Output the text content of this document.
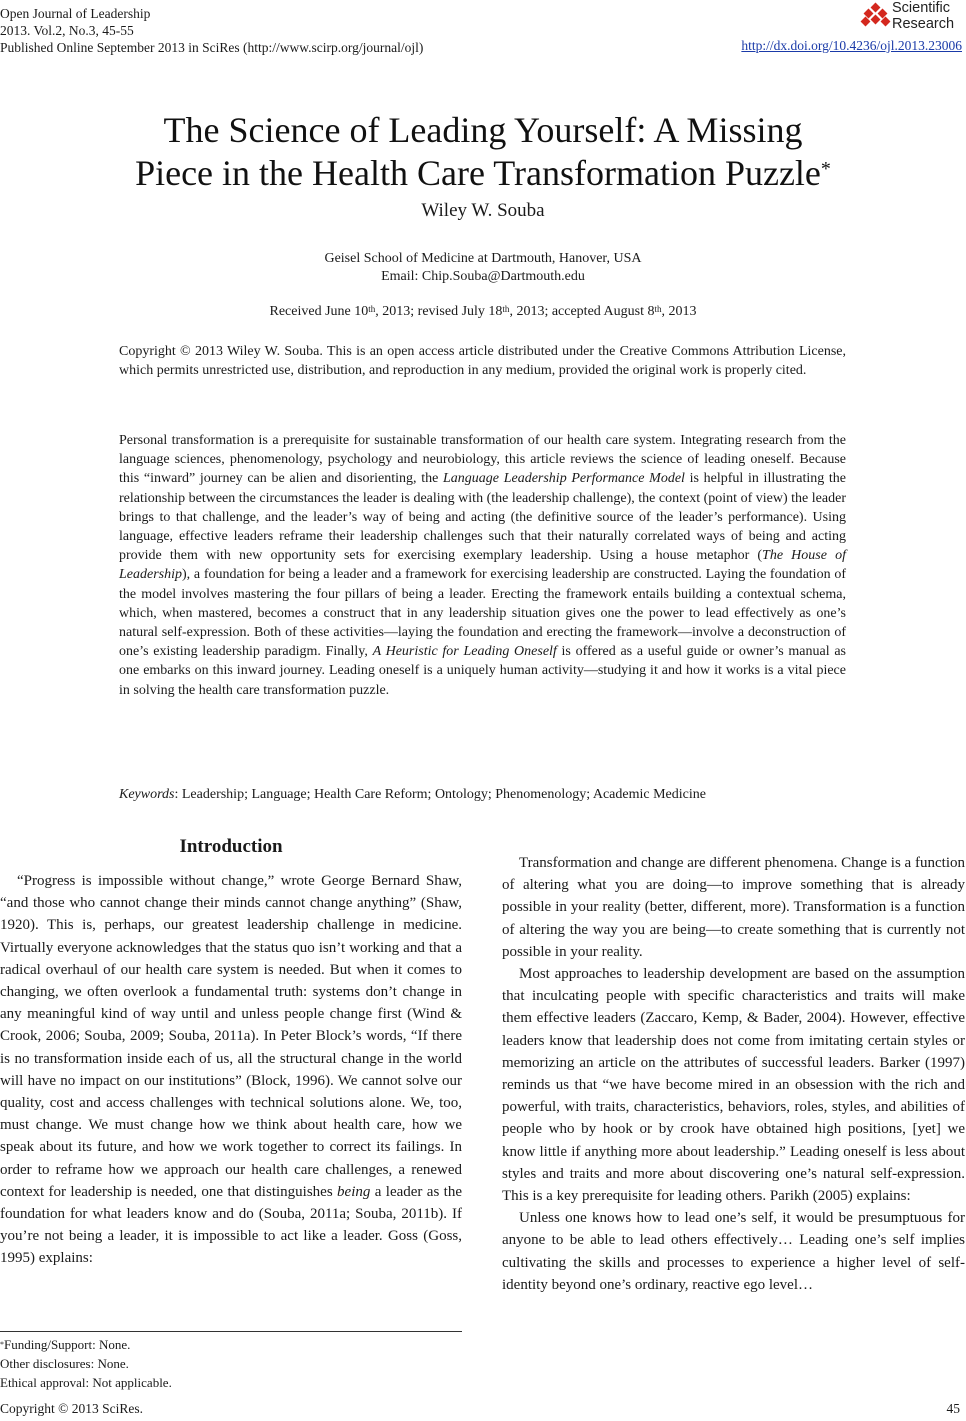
Open Journal of Leadership
2013. Vol.2, No.3, 45-55
Published Online September 2013 in SciRes (http://www.scirp.org/journal/ojl)	http://dx.doi.org/10.4236/ojl.2013.23006
Scientific
Research
The Science of Leading Yourself: A Missing
Piece in the Health Care Transformation Puzzle*
Wiley W. Souba
Geisel School of Medicine at Dartmouth, Hanover, USA
Email: Chip.Souba@Dartmouth.edu
Received June 10th, 2013; revised July 18th, 2013; accepted August 8th, 2013
Copyright © 2013 Wiley W. Souba. This is an open access article distributed under the Creative Commons Attribution License, which permits unrestricted use, distribution, and reproduction in any medium, provided the original work is properly cited.
Personal transformation is a prerequisite for sustainable transformation of our health care system. Integrating research from the language sciences, phenomenology, psychology and neurobiology, this article reviews the science of leading oneself. Because this “inward” journey can be alien and disorienting, the Language Leadership Performance Model is helpful in illustrating the relationship between the circumstances the leader is dealing with (the leadership challenge), the context (point of view) the leader brings to that challenge, and the leader’s way of being and acting (the definitive source of the leader’s performance). Using language, effective leaders reframe their leadership challenges such that their naturally correlated ways of being and acting provide them with new opportunity sets for exercising exemplary leadership. Using a house metaphor (The House of Leadership), a foundation for being a leader and a framework for exercising leadership are constructed. Laying the foundation of the model involves mastering the four pillars of being a leader. Erecting the framework entails building a contextual schema, which, when mastered, becomes a construct that in any leadership situation gives one the power to lead effectively as one’s natural self-expression. Both of these activities—laying the foundation and erecting the framework—involve a deconstruction of one’s existing leadership paradigm. Finally, A Heuristic for Leading Oneself is offered as a useful guide or owner’s manual as one embarks on this inward journey. Leading oneself is a uniquely human activity—studying it and how it works is a vital piece in solving the health care transformation puzzle.
Keywords: Leadership; Language; Health Care Reform; Ontology; Phenomenology; Academic Medicine
Introduction

“Progress is impossible without change,” wrote George Bernard Shaw, “and those who cannot change their minds cannot change anything” (Shaw, 1920). This is, perhaps, our greatest leadership challenge in medicine. Virtually everyone acknowledges that the status quo isn’t working and that a radical overhaul of our health care system is needed. But when it comes to changing, we often overlook a fundamental truth: systems don’t change in any meaningful kind of way until and unless people change first (Wind & Crook, 2006; Souba, 2009; Souba, 2011a). In Peter Block’s words, “If there is no transformation inside each of us, all the structural change in the world will have no impact on our institutions” (Block, 1996). We cannot solve our quality, cost and access challenges with technical solutions alone. We, too, must change. We must change how we think about health care, how we speak about its future, and how we work together to correct its failings. In order to reframe how we approach our health care challenges, a renewed context for leadership is needed, one that distinguishes being a leader as the foundation for what leaders know and do (Souba, 2011a; Souba, 2011b). If you’re not being a leader, it is impossible to act like a leader. Goss (Goss, 1995) explains:

Transformation and change are different phenomena. Change is a function of altering what you are doing—to improve something that is already possible in your reality (better, different, more). Transformation is a function of altering the way you are being—to create something that is currently not possible in your reality.

Most approaches to leadership development are based on the assumption that inculcating people with specific characteristics and traits will make them effective leaders (Zaccaro, Kemp, & Bader, 2004). However, effective leaders know that leadership does not come from imitating certain styles or memorizing an article on the attributes of successful leaders. Barker (1997) reminds us that “we have become mired in an obsession with the rich and powerful, with traits, characteristics, behaviors, roles, styles, and abilities of people who by hook or by crook have obtained high positions, [yet] we know little if anything more about leadership.” Leading oneself is less about styles and traits and more about discovering one’s natural self-expression. This is a key prerequisite for leading others. Parikh (2005) explains:

Unless one knows how to lead one’s self, it would be presumptuous for anyone to be able to lead others effectively… Leading one’s self implies cultivating the skills and processes to experience a higher level of self-identity beyond one’s ordinary, reactive ego level…

*Funding/Support: None.
Other disclosures: None.
Ethical approval: Not applicable.
Copyright © 2013 SciRes.	45
